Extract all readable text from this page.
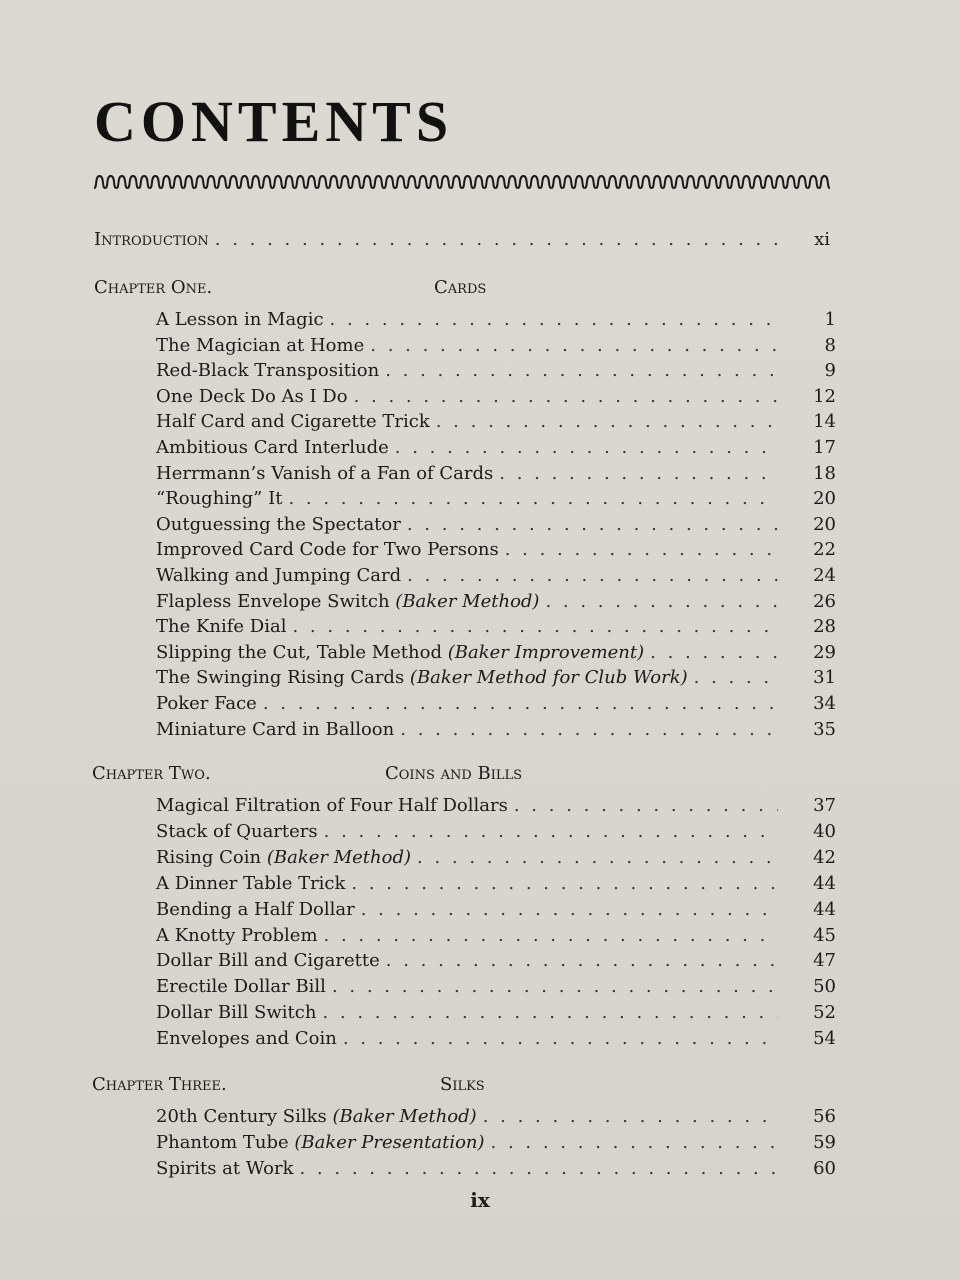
CONTENTS
Introduction . . .	xi
Chapter One.	Cards
A Lesson in Magic . . .	1
The Magician at Home . . .	8
Red-Black Transposition . . .	9
One Deck Do As I Do . . .	12
Half Card and Cigarette Trick . . .	14
Ambitious Card Interlude . . .	17
Herrmann’s Vanish of a Fan of Cards . . .	18
“Roughing” It . . .	20
Outguessing the Spectator . . .	20
Improved Card Code for Two Persons . . .	22
Walking and Jumping Card . . .	24
Flapless Envelope Switch (Baker Method) . . .	26
The Knife Dial . . .	28
Slipping the Cut, Table Method (Baker Improvement) . . .	29
The Swinging Rising Cards (Baker Method for Club Work) . . .	31
Poker Face . . .	34
Miniature Card in Balloon . . .	35
Chapter Two.	Coins and Bills
Magical Filtration of Four Half Dollars . . .	37
Stack of Quarters . . .	40
Rising Coin (Baker Method) . . .	42
A Dinner Table Trick . . .	44
Bending a Half Dollar . . .	44
A Knotty Problem . . .	45
Dollar Bill and Cigarette . . .	47
Erectile Dollar Bill . . .	50
Dollar Bill Switch . . .	52
Envelopes and Coin . . .	54
Chapter Three.	Silks
20th Century Silks (Baker Method) . . .	56
Phantom Tube (Baker Presentation) . . .	59
Spirits at Work . . .	60
ix
